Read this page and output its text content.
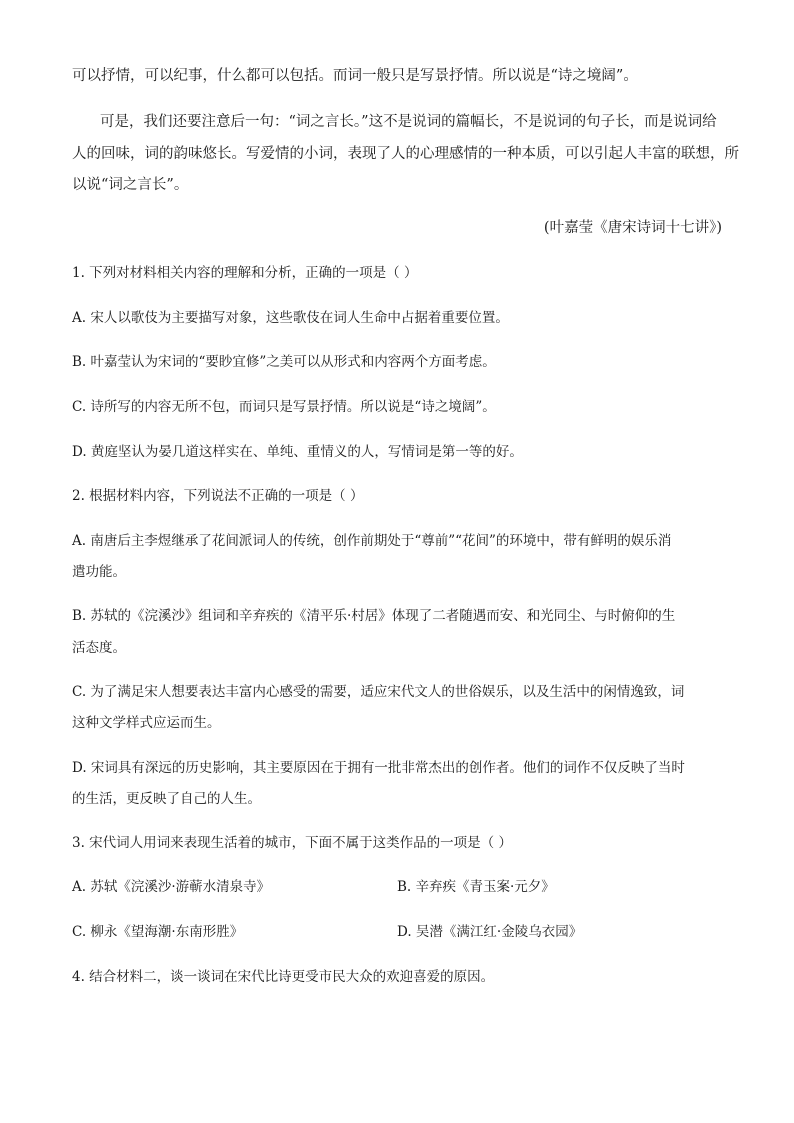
可以抒情，可以纪事，什么都可以包括。而词一般只是写景抒情。所以说是“诗之境阔”。
可是，我们还要注意后一句：“词之言长。”这不是说词的篇幅长，不是说词的句子长，而是说词给
人的回味，词的韵味悠长。写爱情的小词，表现了人的心理感情的一种本质，可以引起人丰富的联想，所
以说“词之言长”。
(叶嘉莹《唐宋诗词十七讲》)
1. 下列对材料相关内容的理解和分析，正确的一项是（ ）
A. 宋人以歌伎为主要描写对象，这些歌伎在词人生命中占据着重要位置。
B. 叶嘉莹认为宋词的“要眇宜修”之美可以从形式和内容两个方面考虑。
C. 诗所写的内容无所不包，而词只是写景抒情。所以说是“诗之境阔”。
D. 黄庭坚认为晏几道这样实在、单纯、重情义的人，写情词是第一等的好。
2. 根据材料内容，下列说法不正确的一项是（ ）
A. 南唐后主李煜继承了花间派词人的传统，创作前期处于“尊前”“花间”的环境中，带有鲜明的娱乐消
遣功能。
B. 苏轼的《浣溪沙》组词和辛弃疾的《清平乐·村居》体现了二者随遇而安、和光同尘、与时俯仰的生
活态度。
C. 为了满足宋人想要表达丰富内心感受的需要，适应宋代文人的世俗娱乐，以及生活中的闲情逸致，词
这种文学样式应运而生。
D. 宋词具有深远的历史影响，其主要原因在于拥有一批非常杰出的创作者。他们的词作不仅反映了当时
的生活，更反映了自己的人生。
3. 宋代词人用词来表现生活着的城市，下面不属于这类作品的一项是（ ）
A. 苏轼《浣溪沙·游蕲水清泉寺》	B. 辛弃疾《青玉案·元夕》
C. 柳永《望海潮·东南形胜》	D. 吴潜《满江红·金陵乌衣园》
4. 结合材料二，谈一谈词在宋代比诗更受市民大众的欢迎喜爱的原因。
